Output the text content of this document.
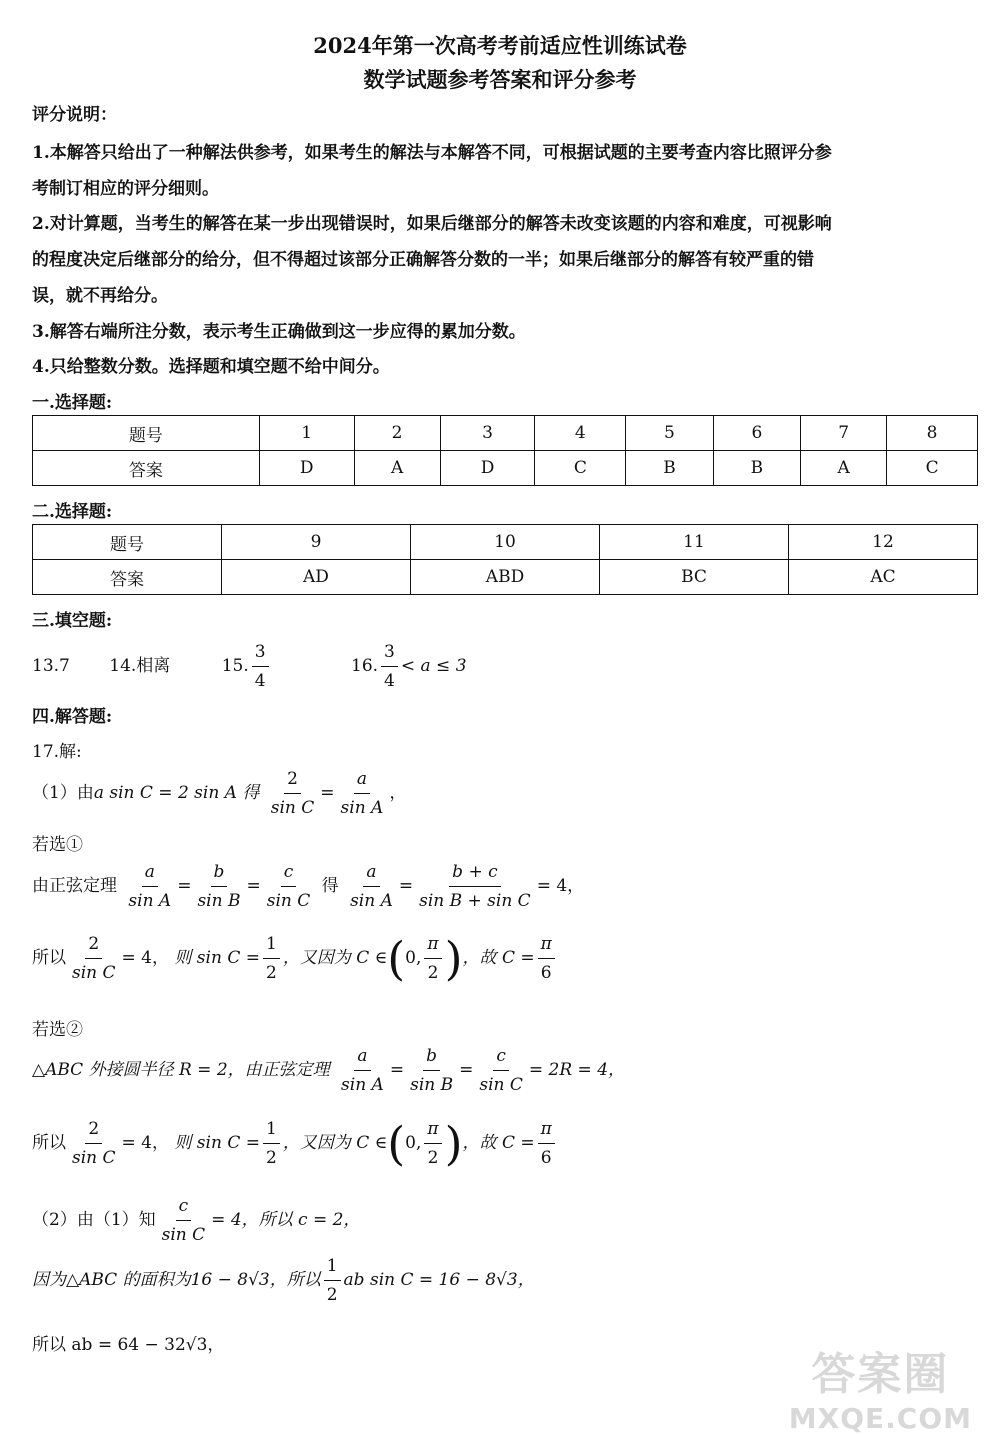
2024年第一次高考考前适应性训练试卷
数学试题参考答案和评分参考
评分说明：
1.本解答只给出了一种解法供参考，如果考生的解法与本解答不同，可根据试题的主要考查内容比照评分参
考制订相应的评分细则。
2.对计算题，当考生的解答在某一步出现错误时，如果后继部分的解答未改变该题的内容和难度，可视影响
的程度决定后继部分的给分，但不得超过该部分正确解答分数的一半；如果后继部分的解答有较严重的错
误，就不再给分。
3.解答右端所注分数，表示考生正确做到这一步应得的累加分数。
4.只给整数分数。选择题和填空题不给中间分。
一.选择题:
题号	1	2	3	4	5	6	7	8
答案	D	A	D	C	B	B	A	C
二.选择题:
题号	9	10	11	12
答案	AD	ABD	BC	AC
三.填空题:
13.7 14.相离	15. $\frac{3}{4}$	16. $\frac{3}{4} < a \le 3$
四.解答题:
17.解:
（1）由a sin C = 2 sin A 得 $\frac{2}{\text{sin C}} = \frac{a}{\text{sin A}}$ ，
若选①
由正弦定理 $\frac{a}{\text{sin A}} = \frac{b}{\text{sin B}} = \frac{c}{\text{sin C}}$ 得 $\frac{a}{\text{sin A}} = \frac{b + c}{\text{sin B + sin C}} = 4$，
所以 $\frac{2}{\text{sin C}} = 4$， 则 $\sin C = \frac{1}{2}$ ，又因为 C ∈(0, $\frac{\pi}{2}$ )，故 $C = \frac{\pi}{6}$
若选②
△ABC 外接圆半径 R = 2，由正弦定理 $\frac{a}{\text{sin A}} = \frac{b}{\text{sin B}} = \frac{c}{\text{sin C}} = 2R = 4$，
所以 $\frac{2}{\text{sin C}} = 4$， 则 $\sin C = \frac{1}{2}$ ，又因为 C ∈(0, $\frac{\pi}{2}$ )，故 $C = \frac{\pi}{6}$
（2）由（1）知 $\frac{c}{\text{sin C}} = 4$，所以 c = 2，
因为△ABC 的面积为16 − 8√3，所以 $\frac{1}{2}$ ab sin C = 16 − 8√3，
所以 ab = 64 − 32√3，
答案圈
MXQE.COM
